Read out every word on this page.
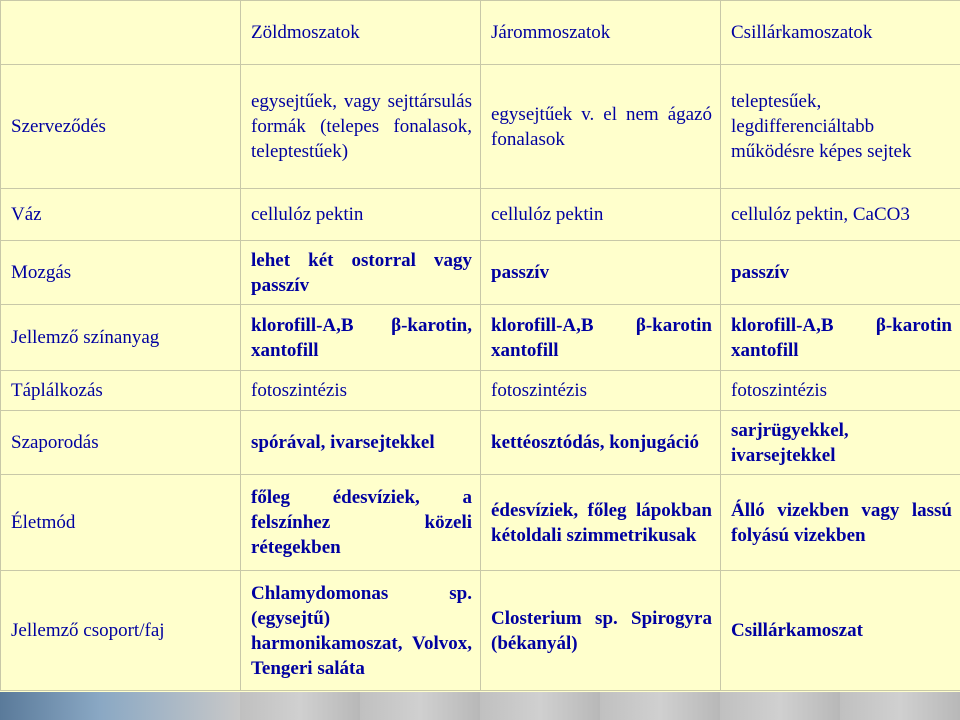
	Zöldmoszatok	Járommoszatok	Csillárkamoszatok
Szerveződés	egysejtűek, vagy sejttársulás formák (telepes fonalasok, teleptestűek)	egysejtűek v. el nem ágazó fonalasok	teleptesűek, legdifferenciáltabb működésre képes sejtek
Váz	cellulóz pektin	cellulóz pektin	cellulóz pektin, CaCO3
Mozgás	lehet két ostorral vagy passzív	passzív	passzív
Jellemző színanyag	klorofill-A,B β-karotin, xantofill	klorofill-A,B β-karotin xantofill	klorofill-A,B β-karotin xantofill
Táplálkozás	fotoszintézis	fotoszintézis	fotoszintézis
Szaporodás	spórával, ivarsejtekkel	kettéosztódás, konjugáció	sarjrügyekkel, ivarsejtekkel
Életmód	főleg édesvíziek, a felszínhez közeli rétegekben	édesvíziek, főleg lápokban kétoldali szimmetrikusak	Álló vizekben vagy lassú folyású vizekben
Jellemző csoport/faj	Chlamydomonas sp. (egysejtű) harmonikamoszat, Volvox, Tengeri saláta	Closterium sp. Spirogyra (békanyál)	Csillárkamoszat
